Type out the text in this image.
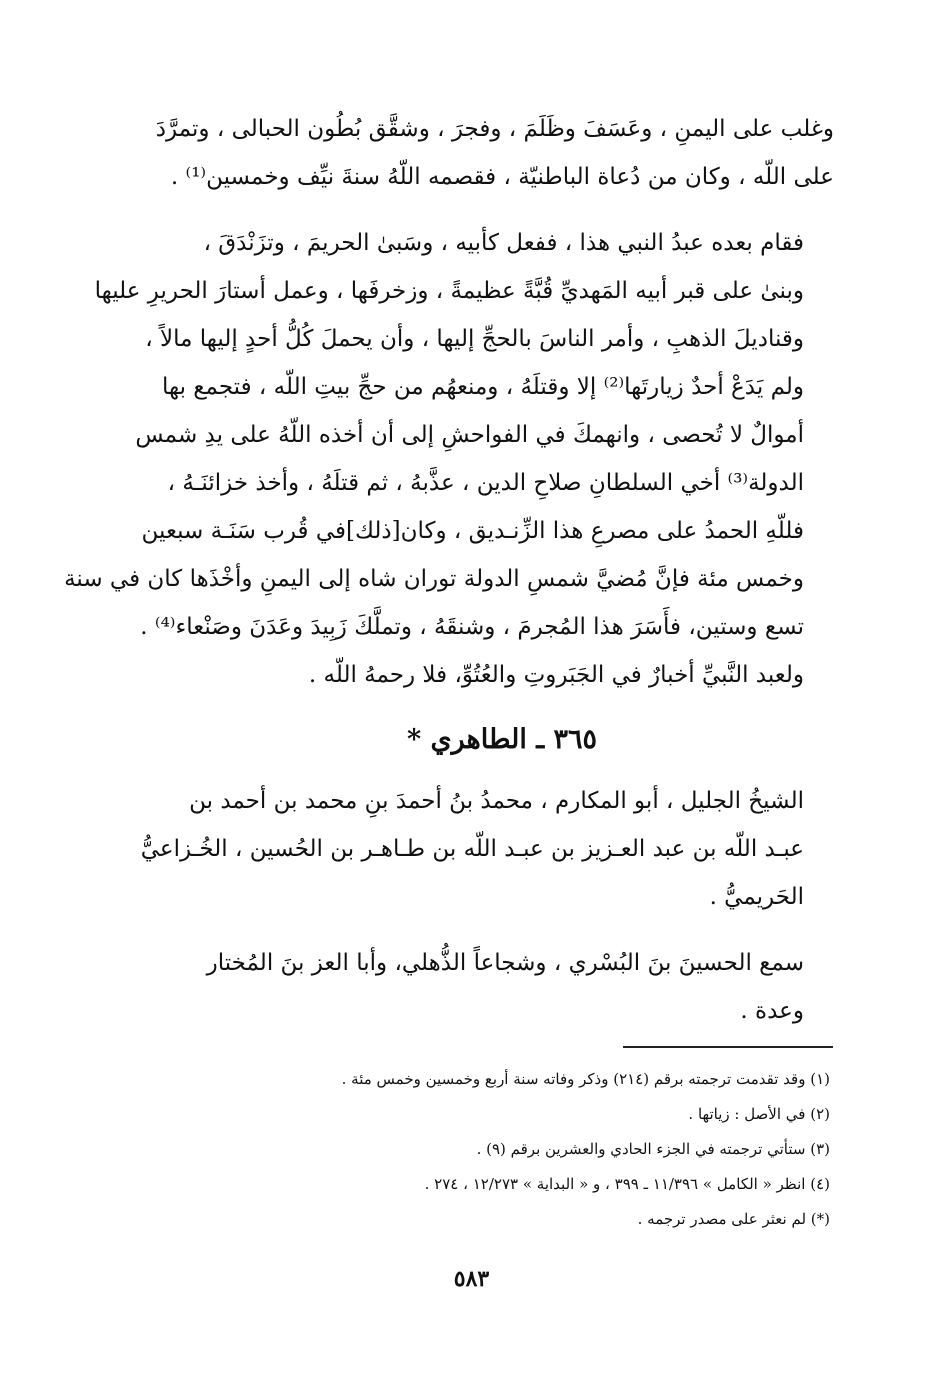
وغلب على اليمنِ ، وعَسَفَ وظَلَمَ ، وفجرَ ، وشقَّق بُطُون الحبالى ، وتمرَّدَ
على اللّه ، وكان من دُعاة الباطنيّة ، فقصمه اللّهُ سنةَ نيِّف وخمسين⁽¹⁾ .

فقام بعده عبدُ النبي هذا ، ففعل كأبيه ، وسَبىٰ الحريمَ ، وتزَنْدَقَ ،
وبنىٰ على قبر أبيه المَهديِّ قُبَّةً عظيمةً ، وزخرفَها ، وعمل أستارَ الحريرِ عليها
وقناديلَ الذهبِ ، وأمر الناسَ بالحجِّ إليها ، وأن يحملَ كُلُّ أحدٍ إليها مالاً ،
ولم يَدَعْ أحدٌ زيارتَها⁽²⁾ إلا وقتلَهُ ، ومنعهُم من حجِّ بيتِ اللّه ، فتجمع بها
أموالٌ لا تُحصى ، وانهمكَ في الفواحشِ إلى أن أخذه اللّهُ على يدِ شمس
الدولة⁽³⁾ أخي السلطانِ صلاحِ الدين ، عذَّبهُ ، ثم قتلَهُ ، وأخذ خزائنَـهُ ،
فللّهِ الحمدُ على مصرعِ هذا الزِّنـديق ، وكان[ذلك]في قُرب سَنَـة سبعين
وخمس مئة فإنَّ مُضيَّ شمسِ الدولة توران شاه إلى اليمنِ وأخْذَها كان في سنة
تسع وستين، فأَسَرَ هذا المُجرمَ ، وشنقَهُ ، وتملَّكَ زَبِيدَ وعَدَنَ وصَنْعاء⁽⁴⁾ .
ولعبد النَّبيِّ أخبارٌ في الجَبَروتِ والعُتُوِّ، فلا رحمهُ اللّه .

٣٦٥ ـ الطاهري *

الشيخُ الجليل ، أبو المكارم ، محمدُ بنُ أحمدَ بنِ محمد بن أحمد بن
عبـد اللّه بن عبد العـزيز بن عبـد اللّه بن طـاهـر بن الحُسين ، الخُـزاعيُّ
الحَريميُّ .

سمع الحسينَ بنَ البُسْري ، وشجاعاً الذُّهلي، وأبا العز بنَ المُختار
وعدة .

(١) وقد تقدمت ترجمته برقم (٢١٤) وذكر وفاته سنة أربع وخمسين وخمس مئة .
(٢) في الأصل : زياتها .
(٣) ستأتي ترجمته في الجزء الحادي والعشرين برقم (٩) .
(٤) انظر « الكامل » ١١/٣٩٦ ـ ٣٩٩ ، و « البداية » ١٢/٢٧٣ ، ٢٧٤ .
(*) لم نعثر على مصدر ترجمه .
٥٨٣
